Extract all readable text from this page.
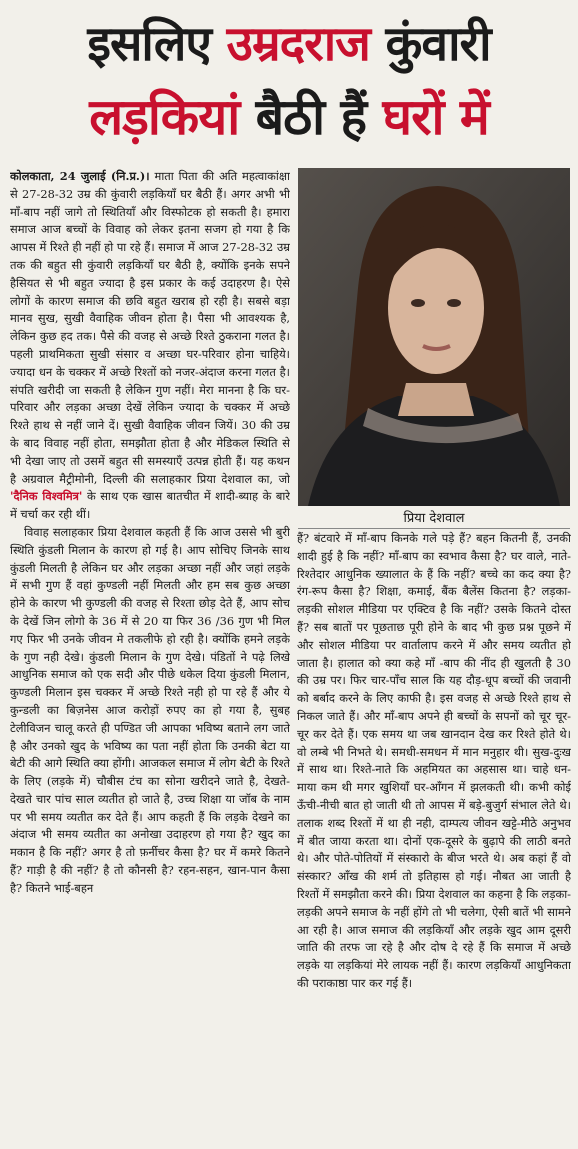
इसलिए उम्रदराज कुंवारी
लड़कियां बैठी हैं घरों में

कोलकाता, 24 जुलाई (नि.प्र.)। माता पिता की अति महत्वाकांक्षा से 27-28-32 उम्र की कुंवारी लड़कियाँ घर बैठी हैं। अगर अभी भी माँ-बाप नहीं जागे तो स्थितियाँ और विस्फोटक हो सकती है। हमारा समाज आज बच्चों के विवाह को लेकर इतना सजग हो गया है कि आपस में रिश्ते ही नहीं हो पा रहे हैं। समाज में आज 27-28-32 उम्र तक की बहुत सी कुंवारी लड़कियाँ घर बैठी है, क्योंकि इनके सपने हैसियत से भी बहुत ज्यादा है इस प्रकार के कई उदाहरण है। ऐसे लोगों के कारण समाज की छवि बहुत खराब हो रही है। सबसे बड़ा मानव सुख, सुखी वैवाहिक जीवन होता है। पैसा भी आवश्यक है, लेकिन कुछ हद तक। पैसे की वजह से अच्छे रिश्ते ठुकराना गलत है। पहली प्राथमिकता सुखी संसार व अच्छा घर-परिवार होना चाहिये। ज्यादा धन के चक्कर में अच्छे रिश्तों को नजर-अंदाज करना गलत है। संपति खरीदी जा सकती है लेकिन गुण नहीं। मेरा मानना है कि घर- परिवार और लड़का अच्छा देखें लेकिन ज्यादा के चक्कर में अच्छे रिश्ते हाथ से नहीं जाने दें। सुखी वैवाहिक जीवन जियें। 30 की उम्र के बाद विवाह नहीं होता, समझौता होता है और मेडिकल स्थिति से भी देखा जाए तो उसमें बहुत सी समस्याएँ उत्पन्न होती हैं। यह कथन है अग्रवाल मैट्रीमोनी, दिल्ली की सलाहकार प्रिया देशवाल का, जो 'दैनिक विश्वमित्र' के साथ एक खास बातचीत में शादी-ब्याह के बारे में चर्चा कर रही थीं।

विवाह सलाहकार प्रिया देशवाल कहती हैं कि आज उससे भी बुरी स्थिति कुंडली मिलान के कारण हो गई है। आप सोचिए जिनके साथ कुंडली मिलती है लेकिन घर और लड़का अच्छा नहीं और जहां लड़के में सभी गुण हैं वहां कुण्डली नहीं मिलती और हम सब कुछ अच्छा होने के कारण भी कुण्डली की वजह से रिश्ता छोड़ देते हैं, आप सोच के देखें जिन लोगो के 36 में से 20 या फिर 36 /36 गुण भी मिल गए फिर भी उनके जीवन मे तकलीफे हो रही है। क्योंकि हमने लड़के के गुण नही देखे। कुंडली मिलान के गुण देखे। पंडितों ने पढ़े लिखे आधुनिक समाज को एक सदी और पीछे धकेल दिया कुंडली मिलान, कुण्डली मिलान इस चक्कर में अच्छे रिश्ते नही हो पा रहे हैं और ये कुन्डली का बिज़नेस आज करोड़ों रुपए का हो गया है, सुबह टेलीविजन चालू करते ही पण्डित जी आपका भविष्य बताने लग जाते है और उनको खुद के भविष्य का पता नहीं होता कि उनकी बेटा या बेटी की आगे स्थिति क्या होंगी। आजकल समाज में लोग बेटी के रिश्ते के लिए (लड़के में) चौबीस टंच का सोना खरीदने जाते है, देखते-देखते चार पांच साल व्यतीत हो जाते है, उच्च शिक्षा या जॉब के नाम पर भी समय व्यतीत कर देते हैं। आप कहती हैं कि लड़के देखने का अंदाज भी समय व्यतीत का अनोखा उदाहरण हो गया है? खुद का मकान है कि नहीं? अगर है तो फ़र्नीचर कैसा है? घर में कमरे कितने हैं? गाड़ी है की नहीं? है तो कौनसी है? रहन-सहन, खान-पान कैसा है? कितने भाई-बहन

प्रिया देशवाल

हैं? बंटवारे में माँ-बाप किनके गले पड़े हैं? बहन कितनी हैं, उनकी शादी हुई है कि नहीं? माँ-बाप का स्वभाव कैसा है? घर वाले, नाते-रिश्तेदार आधुनिक ख्यालात के हैं कि नहीं? बच्चे का कद क्या है? रंग-रूप कैसा है? शिक्षा, कमाई, बैंक बैलेंस कितना है? लड़का-लड़की सोशल मीडिया पर एक्टिव है कि नहीं? उसके कितने दोस्त हैं? सब बातों पर पूछताछ पूरी होने के बाद भी कुछ प्रश्न पूछने में और सोशल मीडिया पर वार्तालाप करने में और समय व्यतीत हो जाता है। हालात को क्या कहे माँ -बाप की नींद ही खुलती है 30 की उम्र पर। फिर चार-पाँच साल कि यह दौड़-धूप बच्चों की जवानी को बर्बाद करने के लिए काफी है। इस वजह से अच्छे रिश्ते हाथ से निकल जाते हैं। और माँ-बाप अपने ही बच्चों के सपनों को चूर चूर-चूर कर देते हैं। एक समय था जब खानदान देख कर रिश्ते होते थे। वो लम्बे भी निभते थे। समधी-समधन में मान मनुहार थी। सुख-दुःख में साथ था। रिश्ते-नाते कि अहमियत का अहसास था। चाहे धन-माया कम थी मगर खुशियाँ घर-आँगन में झलकती थी। कभी कोई ऊँची-नीची बात हो जाती थी तो आपस में बड़े-बुजुर्ग संभाल लेते थे। तलाक शब्द रिश्तों में था ही नही, दाम्पत्य जीवन खट्टे-मीठे अनुभव में बीत जाया करता था। दोनों एक-दूसरे के बुढ़ापे की लाठी बनते थे। और पोते-पोतियों में संस्कारो के बीज भरते थे। अब कहां हैं वो संस्कार? आँख की शर्म तो इतिहास हो गई। नौबत आ जाती है रिश्तों में समझौता करने की। प्रिया देशवाल का कहना है कि लड़का-लड़की अपने समाज के नहीं होंगे तो भी चलेगा, ऐसी बातें भी सामने आ रही है। आज समाज की लड़कियाँ और लड़के खुद आम दूसरी जाति की तरफ जा रहे है और दोष दे रहे हैं कि समाज में अच्छे लड़के या लड़कियां मेरे लायक नहीं हैं। कारण लड़कियाँ आधुनिकता की पराकाष्ठा पार कर गई हैं।
